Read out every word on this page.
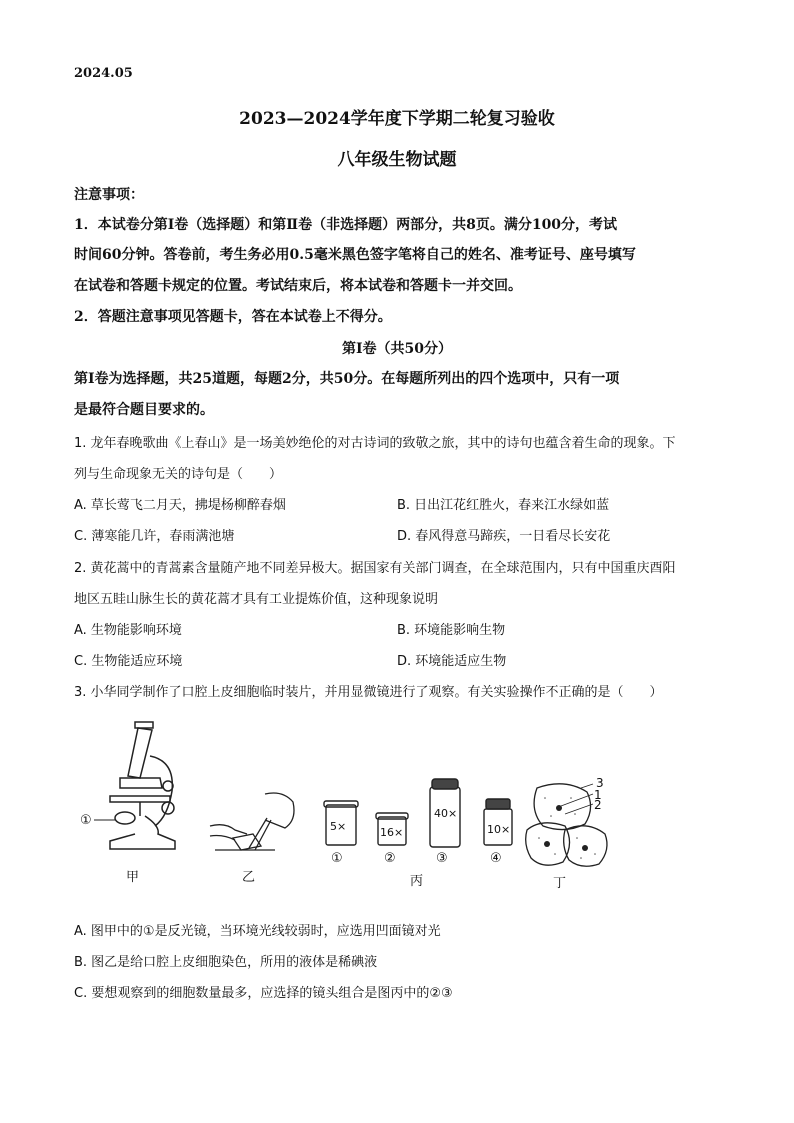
2024.05
2023—2024学年度下学期二轮复习验收
八年级生物试题
注意事项：
1．本试卷分第Ⅰ卷（选择题）和第Ⅱ卷（非选择题）两部分，共8页。满分100分，考试
时间60分钟。答卷前，考生务必用0.5毫米黑色签字笔将自己的姓名、准考证号、座号填写
在试卷和答题卡规定的位置。考试结束后，将本试卷和答题卡一并交回。
2．答题注意事项见答题卡，答在本试卷上不得分。
第Ⅰ卷（共50分）
第Ⅰ卷为选择题，共25道题，每题2分，共50分。在每题所列出的四个选项中，只有一项
是最符合题目要求的。
1. 龙年春晚歌曲《上春山》是一场美妙绝伦的对古诗词的致敬之旅，其中的诗句也蕴含着生命的现象。下
列与生命现象无关的诗句是（　　）
A. 草长莺飞二月天，拂堤杨柳醉春烟	B. 日出江花红胜火，春来江水绿如蓝
C. 薄寒能几许，春雨满池塘	D. 春风得意马蹄疾，一日看尽长安花
2. 黄花蒿中的青蒿素含量随产地不同差异极大。据国家有关部门调查，在全球范围内，只有中国重庆酉阳
地区五眭山脉生长的黄花蒿才具有工业提炼价值，这种现象说明
A. 生物能影响环境	B. 环境能影响生物
C. 生物能适应环境	D. 环境能适应生物
3. 小华同学制作了口腔上皮细胞临时装片，并用显微镜进行了观察。有关实验操作不正确的是（　　）
①
甲	乙
5×	16×
40×
10×
①	②	③	④
丙
3
1
2
丁
A. 图甲中的①是反光镜，当环境光线较弱时，应选用凹面镜对光
B. 图乙是给口腔上皮细胞染色，所用的液体是稀碘液
C. 要想观察到的细胞数量最多，应选择的镜头组合是图丙中的②③
